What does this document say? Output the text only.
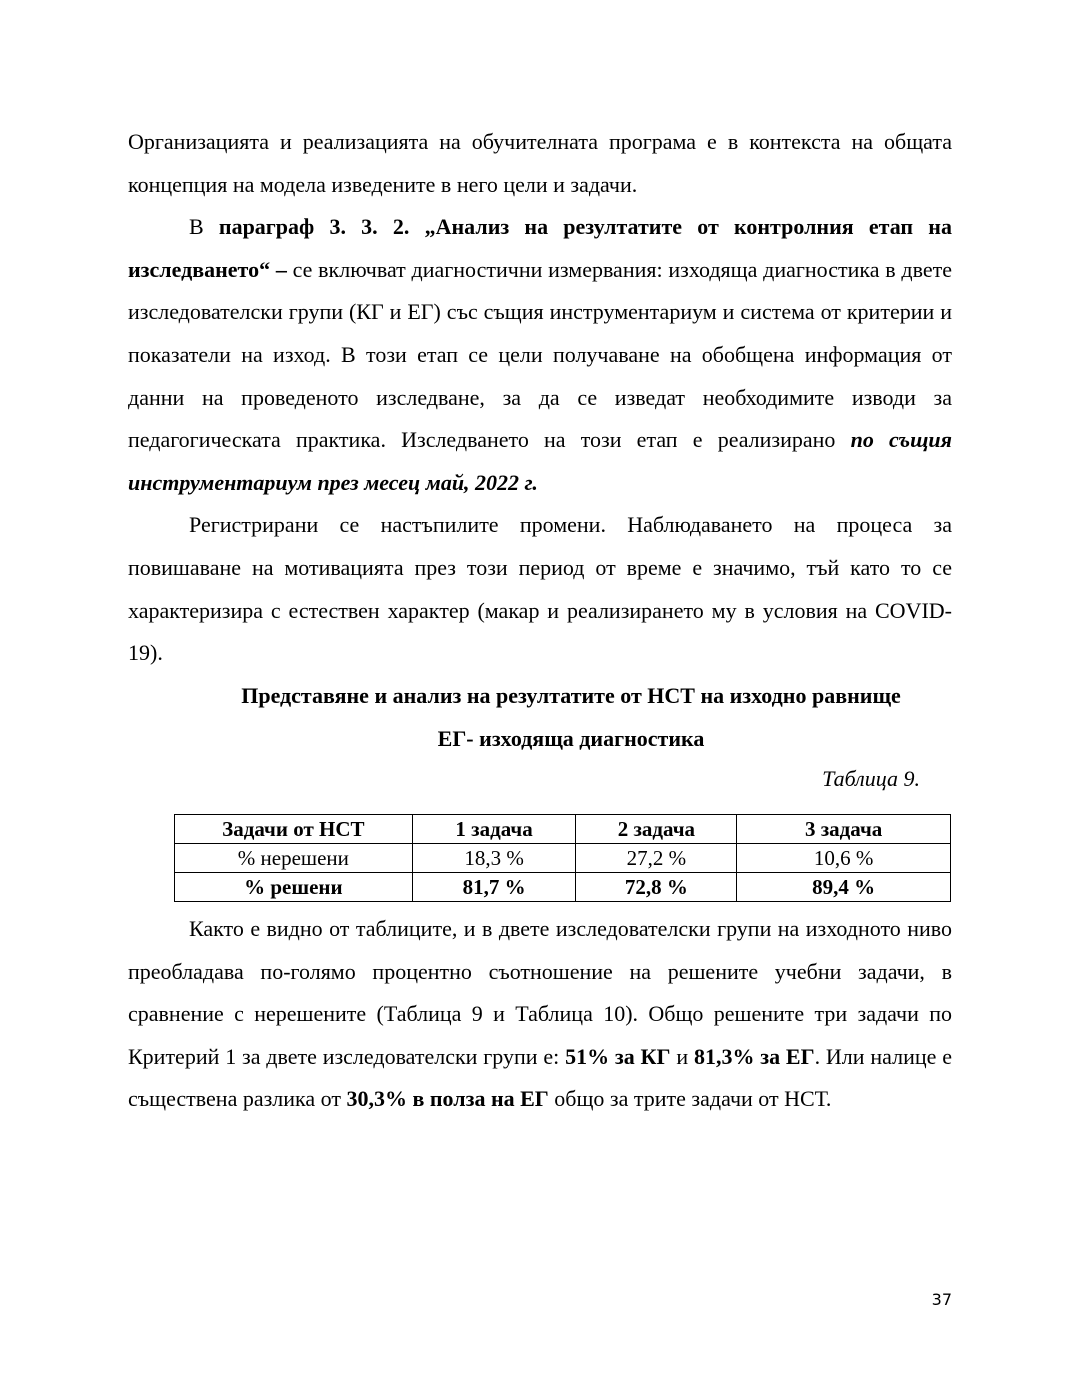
Организацията и реализацията на обучителната програма е в контекста на общата концепция на модела изведените в него цели и задачи.

В параграф 3. 3. 2. „Анализ на резултатите от контролния етап на изследването“ – се включват диагностични измервания: изходяща диагностика в двете изследователски групи (КГ и ЕГ) със същия инструментариум и система от критерии и показатели на изход. В този етап се цели получаване на обобщена информация от данни на проведеното изследване, за да се изведат необходимите изводи за педагогическата практика. Изследването на този етап е реализирано по същия инструментариум през месец май, 2022 г.

Регистрирани се настъпилите промени. Наблюдаването на процеса за повишаване на мотивацията през този период от време е значимо, тъй като то се характеризира с естествен характер (макар и реализирането му в условия на COVID- 19).

Представяне и анализ на резултатите от НСТ на изходно равнище
ЕГ- изходяща диагностика
Таблица 9.
Задачи от НСТ	1 задача	2 задача	3 задача
% нерешени	18,3 %	27,2 %	10,6 %
% решени	81,7 %	72,8 %	89,4 %

Както е видно от таблиците, и в двете изследователски групи на изходното ниво преобладава по-голямо процентно съотношение на решените учебни задачи, в сравнение с нерешените (Таблица 9 и Таблица 10). Общо решените три задачи по Критерий 1 за двете изследователски групи е: 51% за КГ и 81,3% за ЕГ. Или налице е съществена разлика от 30,3% в полза на ЕГ общо за трите задачи от НСТ.

37
